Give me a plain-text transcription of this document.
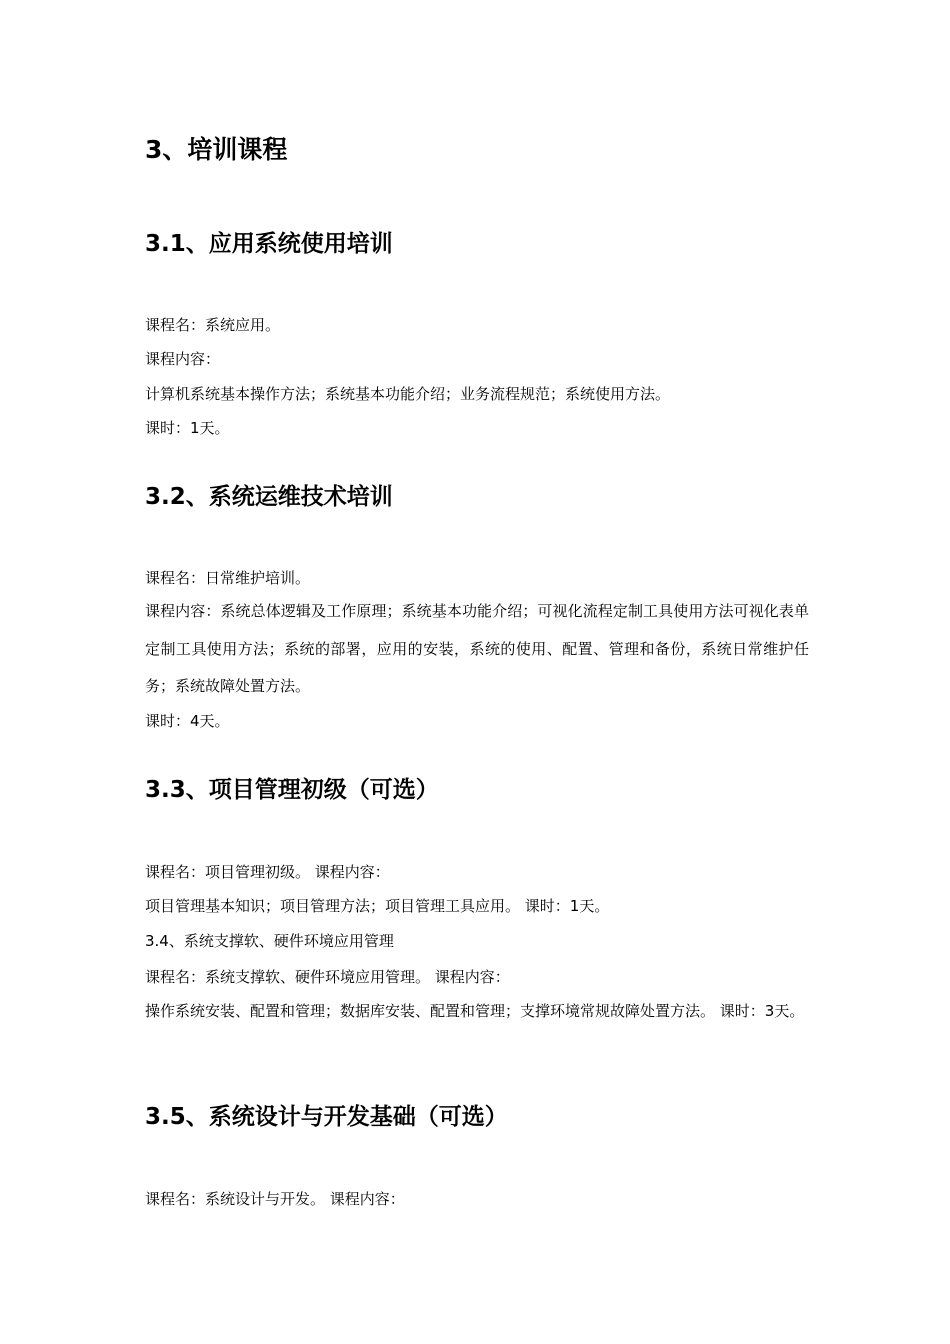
3、培训课程
3.1、应用系统使用培训

课程名：系统应用。

课程内容：

计算机系统基本操作方法；系统基本功能介绍；业务流程规范；系统使用方法。

课时：1天。

3.2、系统运维技术培训

课程名：日常维护培训。

课程内容：系统总体逻辑及工作原理；系统基本功能介绍；可视化流程定制工具使用方法可视化表单定制工具使用方法；系统的部署，应用的安装，系统的使用、配置、管理和备份，系统日常维护任务；系统故障处置方法。

课时：4天。

3.3、项目管理初级（可选）

课程名：项目管理初级。 课程内容：

项目管理基本知识；项目管理方法；项目管理工具应用。 课时：1天。

3.4、系统支撑软、硬件环境应用管理

课程名：系统支撑软、硬件环境应用管理。 课程内容：

操作系统安装、配置和管理；数据库安装、配置和管理；支撑环境常规故障处置方法。 课时：3天。

3.5、系统设计与开发基础（可选）

课程名：系统设计与开发。 课程内容：
